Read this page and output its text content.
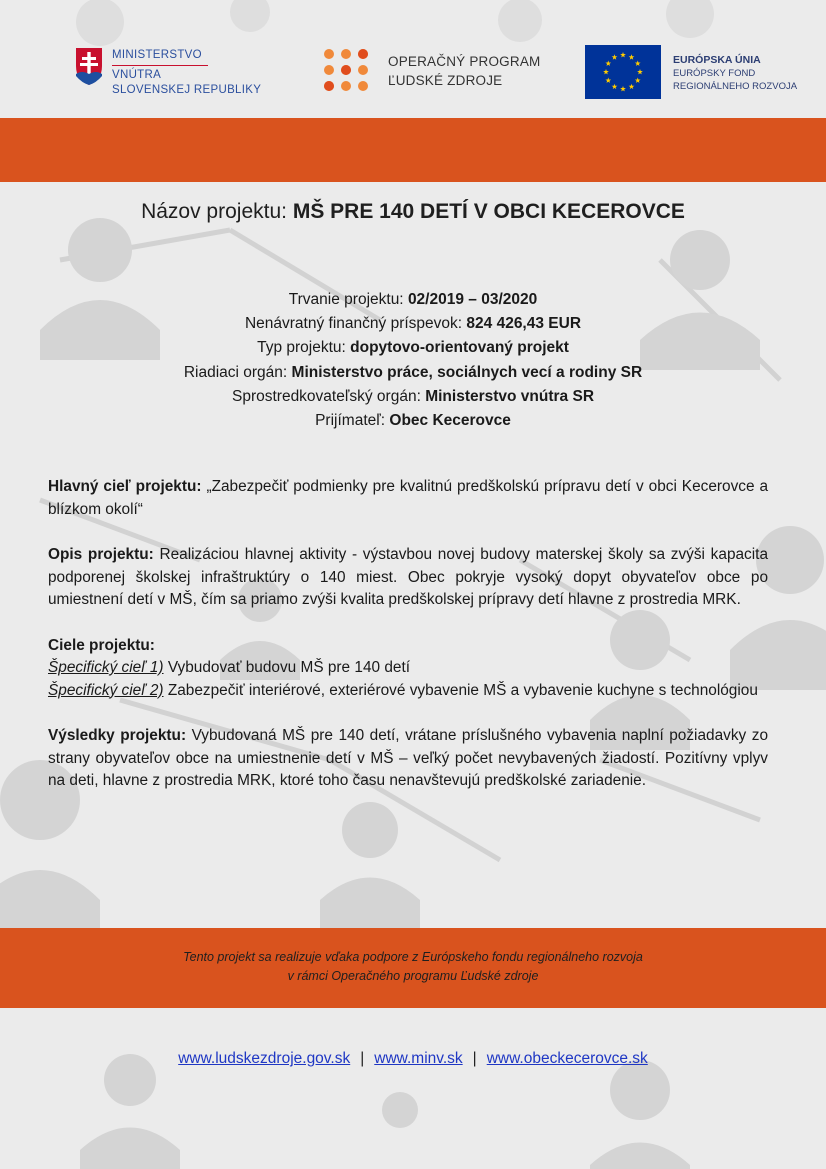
MINISTERSTVO
VNÚTRA
SLOVENSKEJ REPUBLIKY
OPERAČNÝ PROGRAM
ĽUDSKÉ ZDROJE
EURÓPSKA ÚNIA
EURÓPSKY FOND
REGIONÁLNEHO ROZVOJA
Názov projektu: MŠ PRE 140 DETÍ V OBCI KECEROVCE
Trvanie projektu: 02/2019 – 03/2020
Nenávratný finančný príspevok: 824 426,43 EUR
Typ projektu: dopytovo-orientovaný projekt
Riadiaci orgán: Ministerstvo práce, sociálnych vecí a rodiny SR
Sprostredkovateľský orgán: Ministerstvo vnútra SR
Prijímateľ: Obec Kecerovce

Hlavný cieľ projektu: „Zabezpečiť podmienky pre kvalitnú predškolskú prípravu detí v obci Kecerovce a blízkom okolí“

Opis projektu: Realizáciou hlavnej aktivity - výstavbou novej budovy materskej školy sa zvýši kapacita podporenej školskej infraštruktúry o 140 miest. Obec pokryje vysoký dopyt obyvateľov obce po umiestnení detí v MŠ, čím sa priamo zvýši kvalita predškolskej prípravy detí hlavne z prostredia MRK.

Ciele projektu:
Špecifický cieľ 1) Vybudovať budovu MŠ pre 140 detí
Špecifický cieľ 2) Zabezpečiť interiérové, exteriérové vybavenie MŠ a vybavenie kuchyne s technológiou

Výsledky projektu: Vybudovaná MŠ pre 140 detí, vrátane príslušného vybavenia naplní požiadavky zo strany obyvateľov obce na umiestnenie detí v MŠ – veľký počet nevybavených žiadostí. Pozitívny vplyv na deti, hlavne z prostredia MRK, ktoré toho času nenavštevujú predškolské zariadenie.

Tento projekt sa realizuje vďaka podpore z Európskeho fondu regionálneho rozvoja
v rámci Operačného programu Ľudské zdroje
www.ludskezdroje.gov.sk | www.minv.sk | www.obeckecerovce.sk
